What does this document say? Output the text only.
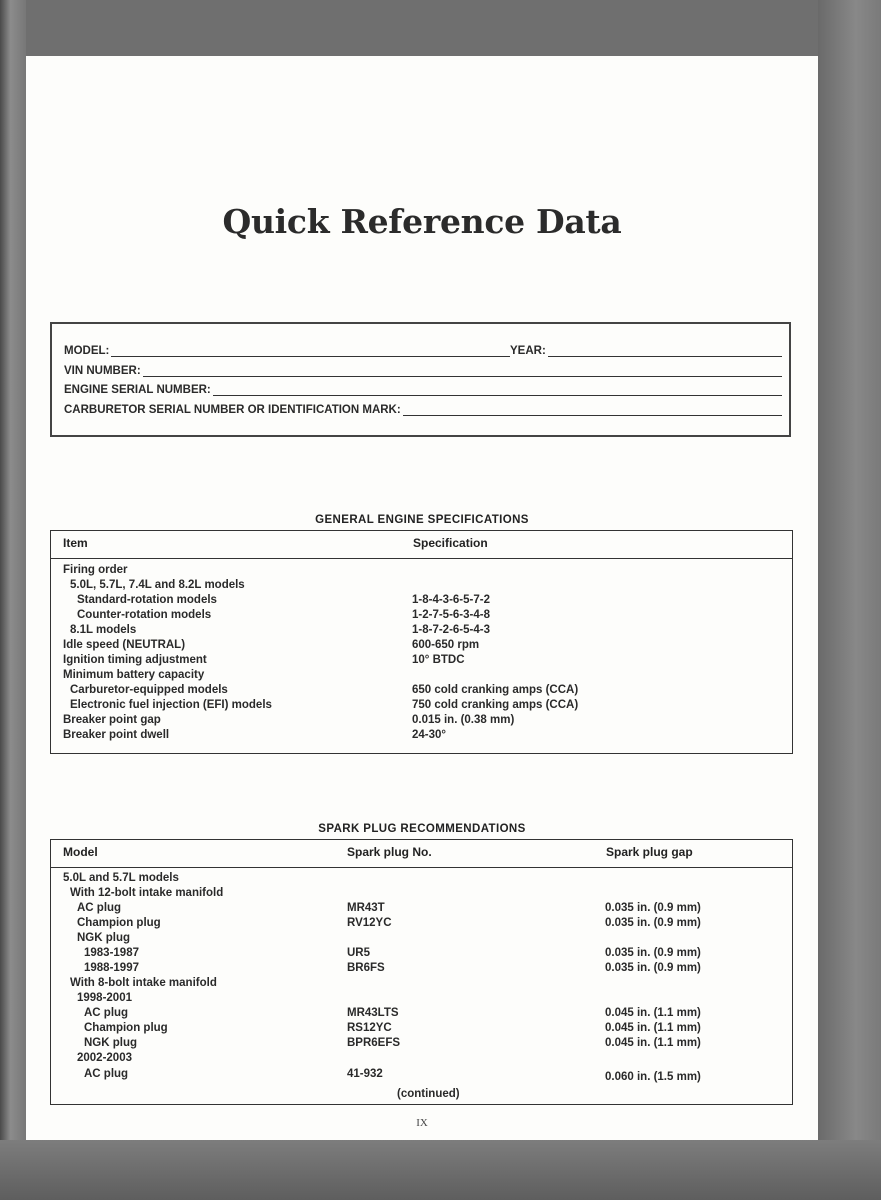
Quick Reference Data
MODEL:	YEAR:
VIN NUMBER:
ENGINE SERIAL NUMBER:
CARBURETOR SERIAL NUMBER OR IDENTIFICATION MARK:
GENERAL ENGINE SPECIFICATIONS
Item	Specification
Firing order
5.0L, 5.7L, 7.4L and 8.2L models
Standard-rotation models	1-8-4-3-6-5-7-2
Counter-rotation models	1-2-7-5-6-3-4-8
8.1L models	1-8-7-2-6-5-4-3
Idle speed (NEUTRAL)	600-650 rpm
Ignition timing adjustment	10° BTDC
Minimum battery capacity
Carburetor-equipped models	650 cold cranking amps (CCA)
Electronic fuel injection (EFI) models	750 cold cranking amps (CCA)
Breaker point gap	0.015 in. (0.38 mm)
Breaker point dwell	24-30°
SPARK PLUG RECOMMENDATIONS
Model	Spark plug No.	Spark plug gap
5.0L and 5.7L models
With 12-bolt intake manifold
AC plug	MR43T	0.035 in. (0.9 mm)
Champion plug	RV12YC	0.035 in. (0.9 mm)
NGK plug
1983-1987	UR5	0.035 in. (0.9 mm)
1988-1997	BR6FS	0.035 in. (0.9 mm)
With 8-bolt intake manifold
1998-2001
AC plug	MR43LTS	0.045 in. (1.1 mm)
Champion plug	RS12YC	0.045 in. (1.1 mm)
NGK plug	BPR6EFS	0.045 in. (1.1 mm)
2002-2003
AC plug	41-932	0.060 in. (1.5 mm)
(continued)
IX
